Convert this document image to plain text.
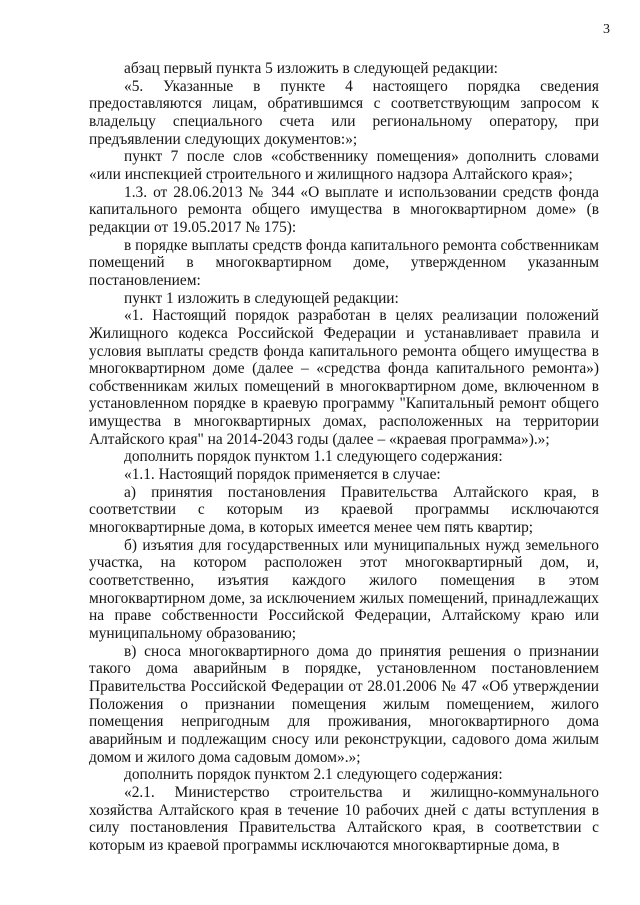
3

абзац первый пункта 5 изложить в следующей редакции:

«5. Указанные в пункте 4 настоящего порядка сведения предоставляются лицам, обратившимся с соответствующим запросом к владельцу специального счета или региональному оператору, при предъявлении следующих документов:»;

пункт 7 после слов «собственнику помещения» дополнить словами «или инспекцией строительного и жилищного надзора Алтайского края»;

1.3. от 28.06.2013 № 344 «О выплате и использовании средств фонда капитального ремонта общего имущества в многоквартирном доме» (в редакции от 19.05.2017 № 175):

в порядке выплаты средств фонда капитального ремонта собственникам помещений в многоквартирном доме, утвержденном указанным постановлением:

пункт 1 изложить в следующей редакции:

«1. Настоящий порядок разработан в целях реализации положений Жилищного кодекса Российской Федерации и устанавливает правила и условия выплаты средств фонда капитального ремонта общего имущества в многоквартирном доме (далее – «средства фонда капитального ремонта») собственникам жилых помещений в многоквартирном доме, включенном в установленном порядке в краевую программу "Капитальный ремонт общего имущества в многоквартирных домах, расположенных на территории Алтайского края" на 2014-2043 годы (далее – «краевая программа»).»;

дополнить порядок пунктом 1.1 следующего содержания:

«1.1. Настоящий порядок применяется в случае:

а) принятия постановления Правительства Алтайского края, в соответствии с которым из краевой программы исключаются многоквартирные дома, в которых имеется менее чем пять квартир;

б) изъятия для государственных или муниципальных нужд земельного участка, на котором расположен этот многоквартирный дом, и, соответственно, изъятия каждого жилого помещения в этом многоквартирном доме, за исключением жилых помещений, принадлежащих на праве собственности Российской Федерации, Алтайскому краю или муниципальному образованию;

в) сноса многоквартирного дома до принятия решения о признании такого дома аварийным в порядке, установленном постановлением Правительства Российской Федерации от 28.01.2006 № 47 «Об утверждении Положения о признании помещения жилым помещением, жилого помещения непригодным для проживания, многоквартирного дома аварийным и подлежащим сносу или реконструкции, садового дома жилым домом и жилого дома садовым домом».»;

дополнить порядок пунктом 2.1 следующего содержания:

«2.1. Министерство строительства и жилищно-коммунального хозяйства Алтайского края в течение 10 рабочих дней с даты вступления в силу постановления Правительства Алтайского края, в соответствии с которым из краевой программы исключаются многоквартирные дома, в
